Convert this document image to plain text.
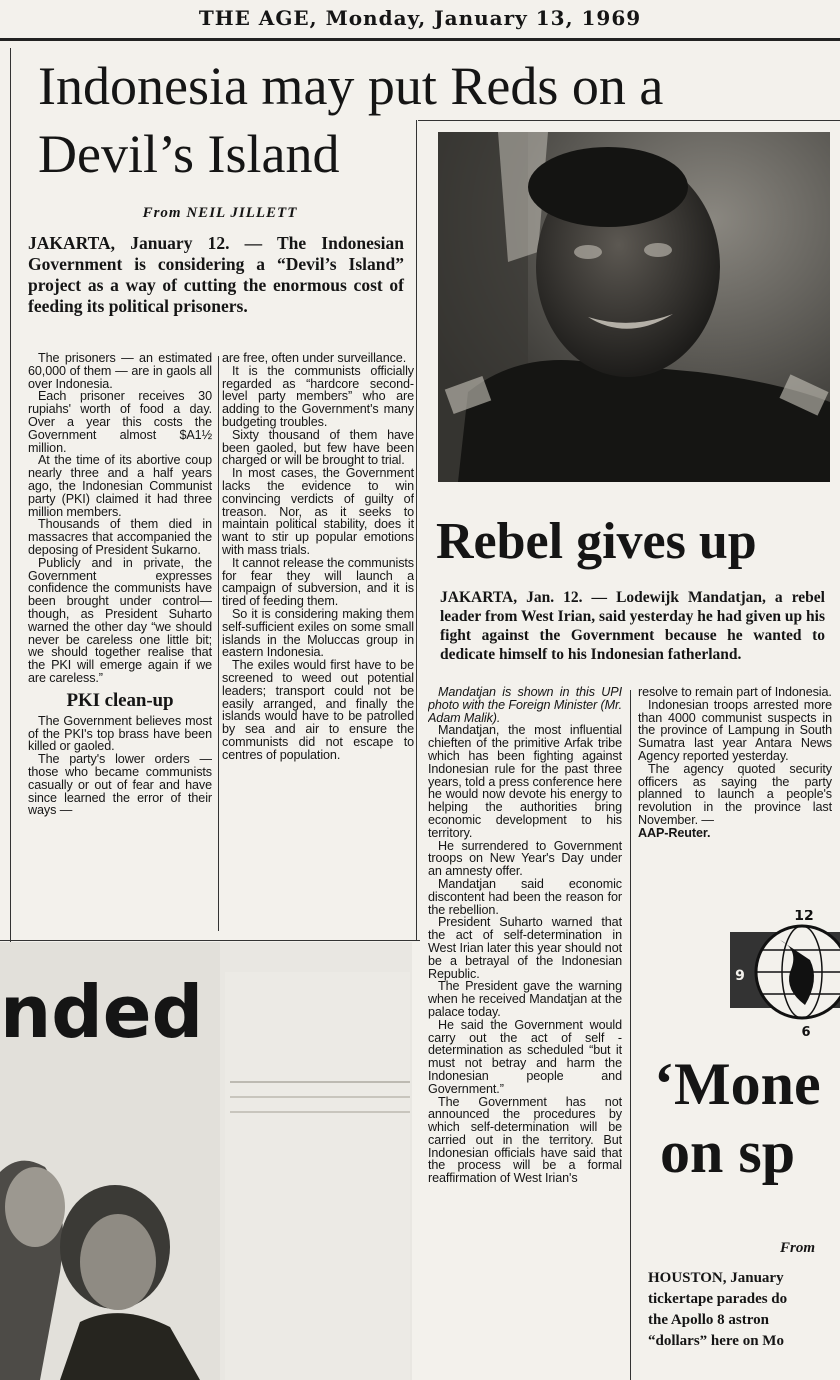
THE AGE, Monday, January 13, 1969
Indonesia may put Reds on a
Devil’s Island
From NEIL JILLETT
JAKARTA, January 12. — The Indonesian Government is considering a “Devil’s Island” project as a way of cutting the enormous cost of feeding its political prisoners.

The prisoners — an estimated 60,000 of them — are in gaols all over Indonesia.

Each prisoner receives 30 rupiahs' worth of food a day. Over a year this costs the Government almost $A1½ million.

At the time of its abortive coup nearly three and a half years ago, the Indonesian Communist party (PKI) claimed it had three million members.

Thousands of them died in massacres that accompanied the deposing of President Sukarno.

Publicly and in private, the Government expresses confidence the communists have been brought under control—though, as President Suharto warned the other day “we should never be careless one little bit; we should together realise that the PKI will emerge again if we are careless.”

PKI clean-up

The Government believes most of the PKI's top brass have been killed or gaoled.

The party's lower orders —those who became communists casually or out of fear and have since learned the error of their ways —

are free, often under surveillance.

It is the communists officially regarded as “hardcore second-level party members” who are adding to the Government's many budgeting troubles.

Sixty thousand of them have been gaoled, but few have been charged or will be brought to trial.

In most cases, the Government lacks the evidence to win convincing verdicts of guilty of treason. Nor, as it seeks to maintain political stability, does it want to stir up popular emotions with mass trials.

It cannot release the communists for fear they will launch a campaign of subversion, and it is tired of feeding them.

So it is considering making them self-sufficient exiles on some small islands in the Moluccas group in eastern Indonesia.

The exiles would first have to be screened to weed out potential leaders; transport could not be easily arranged, and finally the islands would have to be patrolled by sea and air to ensure the communists did not escape to centres of population.

Rebel gives up
JAKARTA, Jan. 12. — Lodewijk Mandatjan, a rebel leader from West Irian, said yesterday he had given up his fight against the Government because he wanted to dedicate himself to his Indonesian fatherland.

Mandatjan is shown in this UPI photo with the Foreign Minister (Mr. Adam Malik).

Mandatjan, the most influential chieften of the primitive Arfak tribe which has been fighting against Indonesian rule for the past three years, told a press conference here he would now devote his energy to helping the authorities bring economic development to his territory.

He surrendered to Government troops on New Year's Day under an amnesty offer.

Mandatjan said economic discontent had been the reason for the rebellion.

President Suharto warned that the act of self-determination in West Irian later this year should not be a betrayal of the Indonesian Republic.

The President gave the warning when he received Mandatjan at the palace today.

He said the Government would carry out the act of self - determination as scheduled “but it must not betray and harm the Indonesian people and Government.”

The Government has not announced the procedures by which self-determination will be carried out in the territory. But Indonesian officials have said that the process will be a formal reaffirmation of West Irian's

resolve to remain part of Indonesia.

Indonesian troops arrested more than 4000 communist suspects in the province of Lampung in South Sumatra last year Antara News Agency reported yesterday.

The agency quoted security officers as saying the party planned to launch a people's revolution in the province last November. —

AAP-Reuter.

nded
12
9
6
‘Mone
on sp
From
HOUSTON, January
tickertape parades do
the Apollo 8 astron
“dollars” here on Mo
